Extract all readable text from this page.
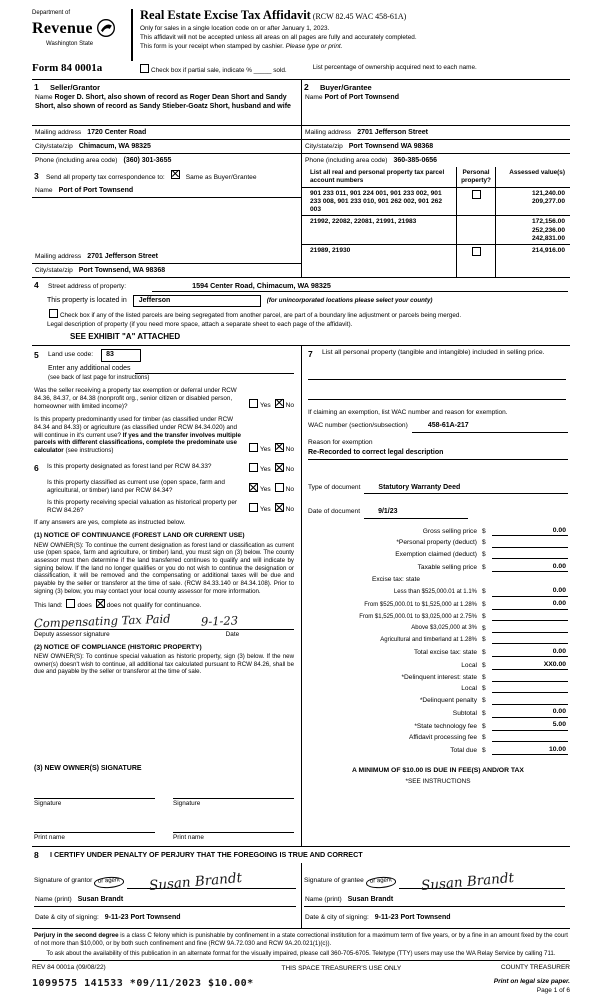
Department of
Revenue
Washington State
Real Estate Excise Tax Affidavit (RCW 82.45 WAC 458-61A)
Only for sales in a single location code on or after January 1, 2023.
This affidavit will not be accepted unless all areas on all pages are fully and accurately completed.
This form is your receipt when stamped by cashier. Please type or print.
Form 84 0001a	Check box if partial sale, indicate % _____ sold.	List percentage of ownership acquired next to each name.
1	Seller/Grantor
Name Roger D. Short, also shown of record as Roger Dean Short and Sandy Short, also shown of record as Sandy Stieber-Goatz Short, husband and wife
Mailing address 1720 Center Road
City/state/zip Chimacum, WA 98325
Phone (including area code) (360) 301-3655
2	Buyer/Grantee
Name Port of Port Townsend
Mailing address 2701 Jefferson Street
City/state/zip Port Townsend WA 98368
Phone (including area code) 360-385-0656
3	Send all property tax correspondence to:	Same as Buyer/Grantee
Name Port of Port Townsend
Mailing address 2701 Jefferson Street
City/state/zip Port Townsend, WA 98368
List all real and personal property tax parcel account numbers
Personal property?
Assessed value(s)
901 233 011, 901 224 001, 901 233 002, 901 233 008, 901 233 010, 901 262 002, 901 262 003
121,240.00
209,277.00
21992, 22082, 22081, 21991, 21983	172,156.00
252,236.00
242,831.00
21989, 21930	214,916.00
4	Street address of property:	1594 Center Road, Chimacum, WA 98325
This property is located in	Jefferson	(for unincorporated locations please select your county)
Check box if any of the listed parcels are being segregated from another parcel, are part of a boundary line adjustment or parcels being merged.
Legal description of property (if you need more space, attach a separate sheet to each page of the affidavit).
SEE EXHIBIT "A" ATTACHED
5	Land use code:	83
Enter any additional codes
(see back of last page for instructions)
Was the seller receiving a property tax exemption or deferral under RCW 84.36, 84.37, or 84.38 (nonprofit org., senior citizen or disabled person, homeowner with limited income)?	Yes No
Is this property predominantly used for timber (as classified under RCW 84.34 and 84.33) or agriculture (as classified under RCW 84.34.020) and will continue in it's current use? If yes and the transfer involves multiple parcels with different classifications, complete the predominate use calculator (see instructions)	Yes No
6	Is this property designated as forest land per RCW 84.33?	Yes No
Is this property classified as current use (open space, farm and agricultural, or timber) land per RCW 84.34?	Yes No
Is this property receiving special valuation as historical property per RCW 84.26?	Yes No
If any answers are yes, complete as instructed below.
(1) NOTICE OF CONTINUANCE (FOREST LAND OR CURRENT USE)
NEW OWNER(S): To continue the current designation as forest land or classification as current use (open space, farm and agriculture, or timber) land, you must sign on (3) below. The county assessor must then determine if the land transferred continues to qualify and will indicate by signing below. If the land no longer qualifies or you do not wish to continue the designation or classification, it will be removed and the compensating or additional taxes will be due and payable by the seller or transferor at the time of sale. (RCW 84.33.140 or 84.34.108). Prior to signing (3) below, you may contact your local county assessor for more information.
This land: does does not qualify for continuance.
Compensating Tax Paid	9-1-23
Deputy assessor signature	Date
(2) NOTICE OF COMPLIANCE (HISTORIC PROPERTY)
NEW OWNER(S): To continue special valuation as historic property, sign (3) below. If the new owner(s) doesn't wish to continue, all additional tax calculated pursuant to RCW 84.26, shall be due and payable by the seller or transferor at the time of sale.
(3) NEW OWNER(S) SIGNATURE
Signature	Signature
Print name	Print name
7	List all personal property (tangible and intangible) included in selling price.
If claiming an exemption, list WAC number and reason for exemption.
WAC number (section/subsection)	458-61A-217
Reason for exemption
Re-Recorded to correct legal description
Type of document	Statutory Warranty Deed
Date of document	9/1/23
Gross selling price $	0.00
*Personal property (deduct) $
Exemption claimed (deduct) $
Taxable selling price $	0.00
Excise tax: state
Less than $525,000.01 at 1.1% $	0.00
From $525,000.01 to $1,525,000 at 1.28% $	0.00
From $1,525,000.01 to $3,025,000 at 2.75% $
Above $3,025,000 at 3% $
Agricultural and timberland at 1.28% $
Total excise tax: state $	0.00
Local $	XX0.00
*Delinquent interest: state $
Local $
*Delinquent penalty $
Subtotal $	0.00
*State technology fee $	5.00
Affidavit processing fee $
Total due $	10.00
A MINIMUM OF $10.00 IS DUE IN FEE(S) AND/OR TAX
*SEE INSTRUCTIONS
8	I CERTIFY UNDER PENALTY OF PERJURY THAT THE FOREGOING IS TRUE AND CORRECT
Signature of grantor or agent Susan Brandt
Name (print) Susan Brandt
Date & city of signing: 9-11-23 Port Townsend
Signature of grantee or agent Susan Brandt
Name (print) Susan Brandt
Date & city of signing: 9-11-23 Port Townsend
Perjury in the second degree is a class C felony which is punishable by confinement in a state correctional institution for a maximum term of five years, or by a fine in an amount fixed by the court of not more than $10,000, or by both such confinement and fine (RCW 9A.72.030 and RCW 9A.20.021(1)(c)).
To ask about the availability of this publication in an alternate format for the visually impaired, please call 360-705-6705. Teletype (TTY) users may use the WA Relay Service by calling 711.
REV 84 0001a (09/08/22)
1099575 141533 *09/11/2023 $10.00*
THIS SPACE TREASURER'S USE ONLY	COUNTY TREASURER
Print on legal size paper.
Page 1 of 6
